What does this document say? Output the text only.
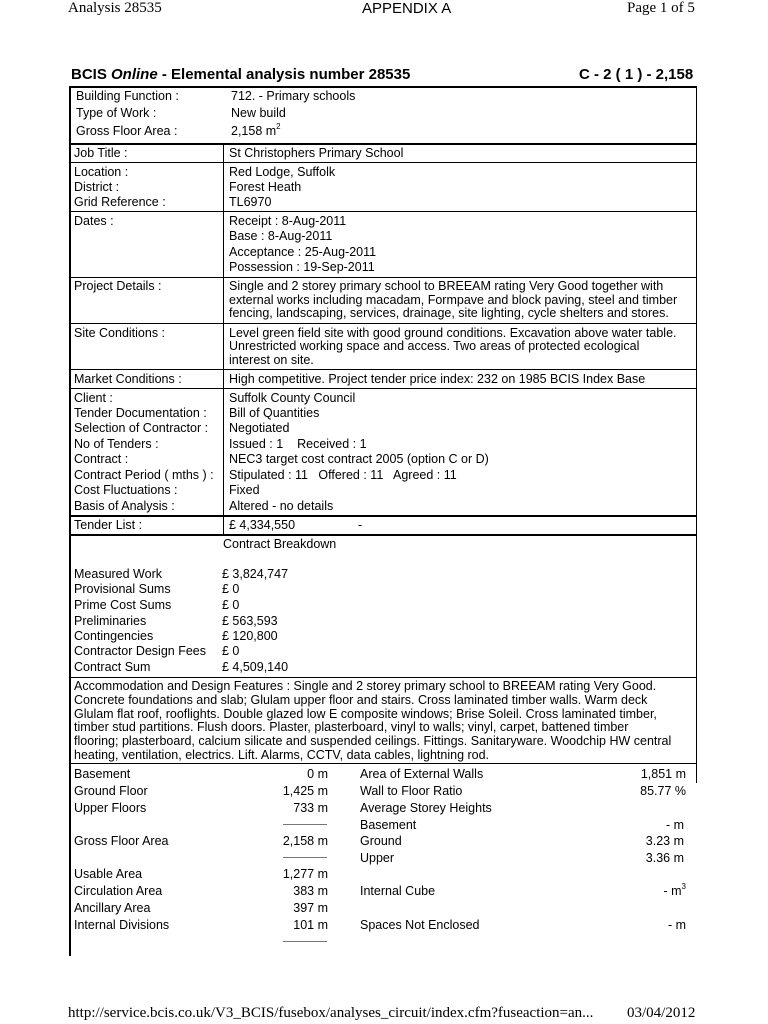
Analysis 28535	APPENDIX A	Page 1 of 5
BCIS Online - Elemental analysis number 28535	C - 2 ( 1 ) - 2,158
Building Function :	712. - Primary schools
Type of Work :	New build
Gross Floor Area :	2,158 $m^2$
Job Title :	St Christophers Primary School
Location :	Red Lodge, Suffolk
District :	Forest Heath
Grid Reference :	TL6970
Dates :	Receipt : 8-Aug-2011
Base : 8-Aug-2011
Acceptance : 25-Aug-2011
Possession : 19-Sep-2011
Project Details :	Single and 2 storey primary school to BREEAM rating Very Good together with
external works including macadam, Formpave and block paving, steel and timber
fencing, landscaping, services, drainage, site lighting, cycle shelters and stores.
Site Conditions :	Level green field site with good ground conditions. Excavation above water table.
Unrestricted working space and access. Two areas of protected ecological
interest on site.
Market Conditions :	High competitive. Project tender price index: 232 on 1985 BCIS Index Base
Client :	Suffolk County Council
Tender Documentation : Bill of Quantities
Selection of Contractor : Negotiated
No of Tenders :	Issued : 1    Received : 1
Contract :	NEC3 target cost contract 2005 (option C or D)
Contract Period ( mths ) : Stipulated : 11   Offered : 11   Agreed : 11
Cost Fluctuations :	Fixed
Basis of Analysis :	Altered - no details
Tender List :	£ 4,334,550	-
Contract Breakdown
Measured Work	£ 3,824,747
Provisional Sums	£ 0
Prime Cost Sums	£ 0
Preliminaries	£ 563,593
Contingencies	£ 120,800
Contractor Design Fees £ 0
Contract Sum	£ 4,509,140
Accommodation and Design Features : Single and 2 storey primary school to BREEAM rating Very Good.
Concrete foundations and slab; Glulam upper floor and stairs. Cross laminated timber walls. Warm deck
Glulam flat roof, rooflights. Double glazed low E composite windows; Brise Soleil. Cross laminated timber,
timber stud partitions. Flush doors. Plaster, plasterboard, vinyl to walls; vinyl, carpet, battened timber
flooring; plasterboard, calcium silicate and suspended ceilings. Fittings. Sanitaryware. Woodchip HW central
heating, ventilation, electrics. Lift. Alarms, CCTV, data cables, lightning rod.
Basement	0 m
Ground Floor	1,425 m
Upper Floors	733 m
Gross Floor Area	2,158 m
Usable Area	1,277 m
Circulation Area	383 m
Ancillary Area	397 m
Internal Divisions	101 m
Area of External Walls	1,851 m
Wall to Floor Ratio	85.77 %
Average Storey Heights
Basement	- m
Ground	3.23 m
Upper	3.36 m
Internal Cube	- $m^3$
Spaces Not Enclosed	- m
http://service.bcis.co.uk/V3_BCIS/fusebox/analyses_circuit/index.cfm?fuseaction=an... 03/04/2012
